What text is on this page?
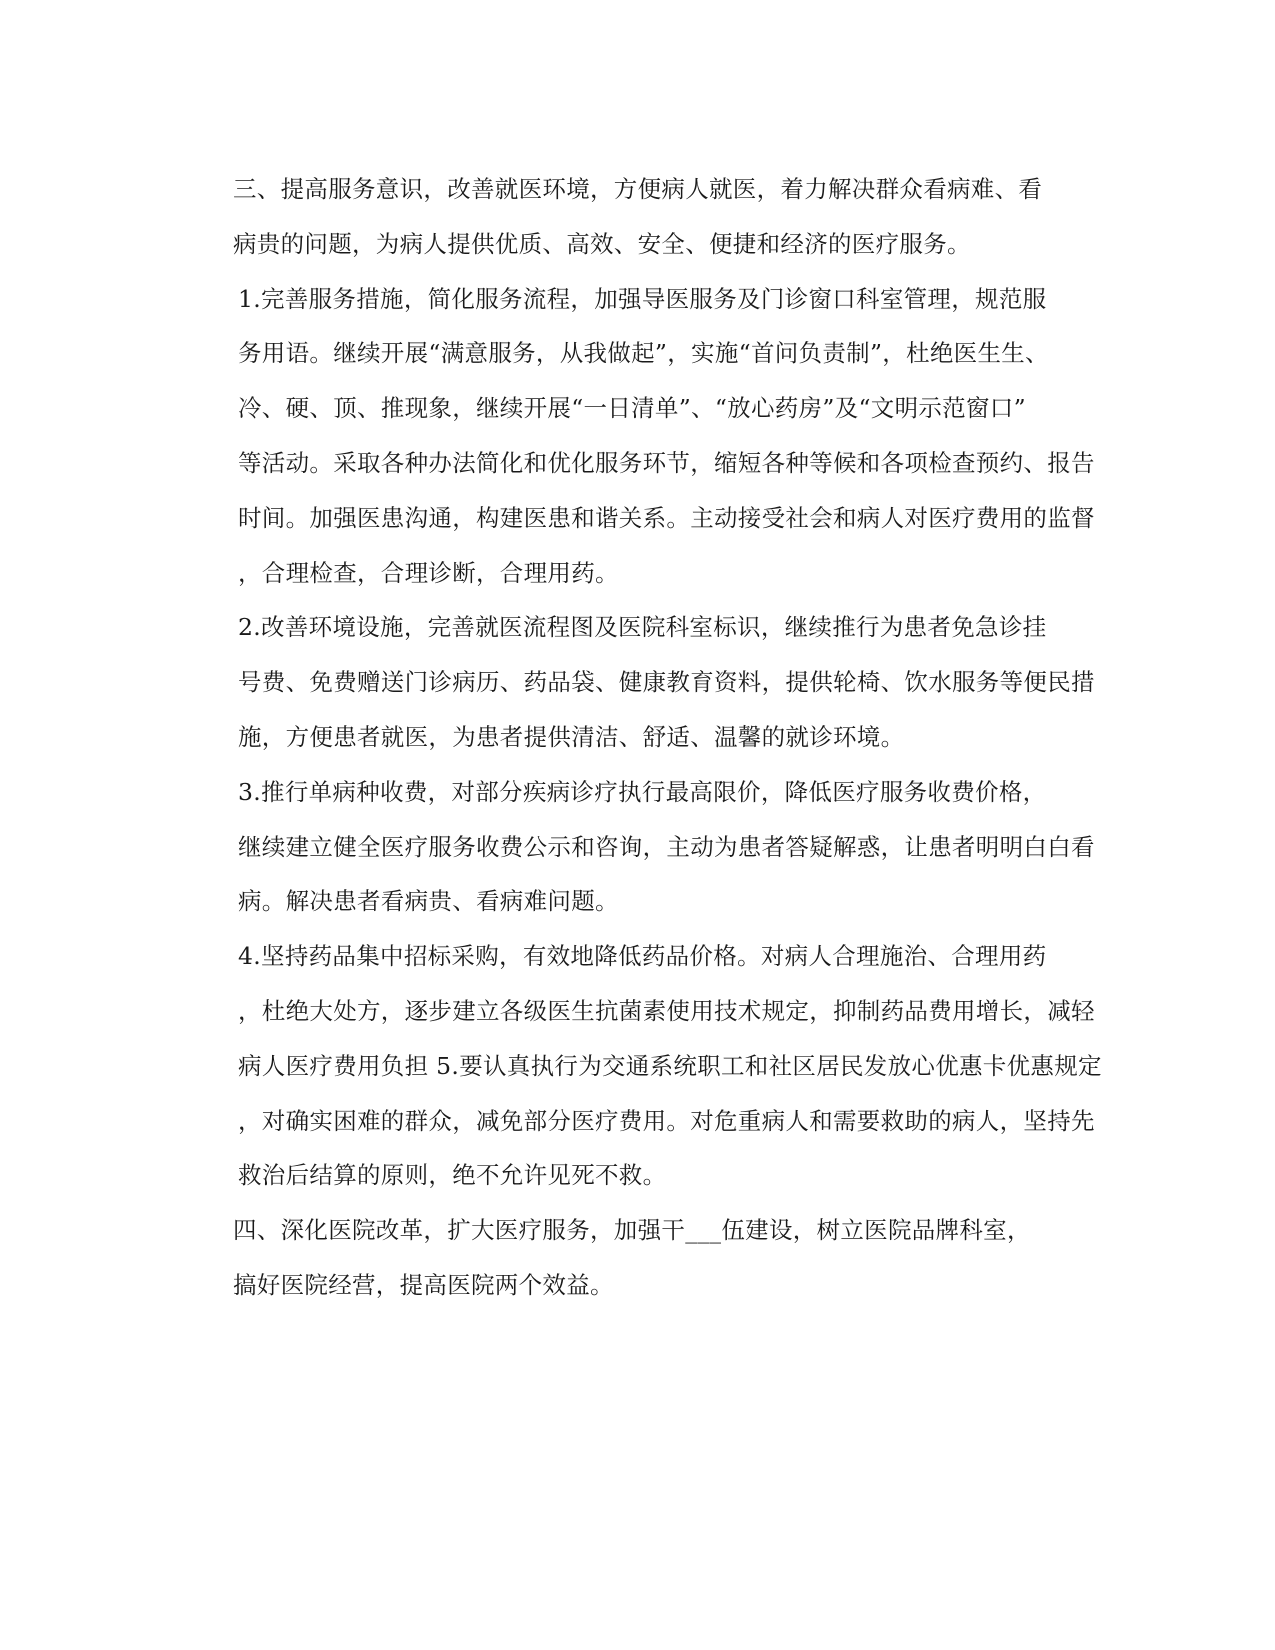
三、提高服务意识，改善就医环境，方便病人就医，着力解决群众看病难、看
病贵的问题，为病人提供优质、高效、安全、便捷和经济的医疗服务。
1.完善服务措施，简化服务流程，加强导医服务及门诊窗口科室管理，规范服
务用语。继续开展“满意服务，从我做起”，实施“首问负责制”，杜绝医生生、
冷、硬、顶、推现象，继续开展“一日清单”、“放心药房”及“文明示范窗口”
等活动。采取各种办法简化和优化服务环节，缩短各种等候和各项检查预约、报告
时间。加强医患沟通，构建医患和谐关系。主动接受社会和病人对医疗费用的监督
，合理检查，合理诊断，合理用药。
2.改善环境设施，完善就医流程图及医院科室标识，继续推行为患者免急诊挂
号费、免费赠送门诊病历、药品袋、健康教育资料，提供轮椅、饮水服务等便民措
施，方便患者就医，为患者提供清洁、舒适、温馨的就诊环境。
3.推行单病种收费，对部分疾病诊疗执行最高限价，降低医疗服务收费价格，
继续建立健全医疗服务收费公示和咨询，主动为患者答疑解惑，让患者明明白白看
病。解决患者看病贵、看病难问题。
4.坚持药品集中招标采购，有效地降低药品价格。对病人合理施治、合理用药
，杜绝大处方，逐步建立各级医生抗菌素使用技术规定，抑制药品费用增长，减轻
病人医疗费用负担 5.要认真执行为交通系统职工和社区居民发放心优惠卡优惠规定
，对确实困难的群众，减免部分医疗费用。对危重病人和需要救助的病人，坚持先
救治后结算的原则，绝不允许见死不救。
四、深化医院改革，扩大医疗服务，加强干___伍建设，树立医院品牌科室，
搞好医院经营，提高医院两个效益。
